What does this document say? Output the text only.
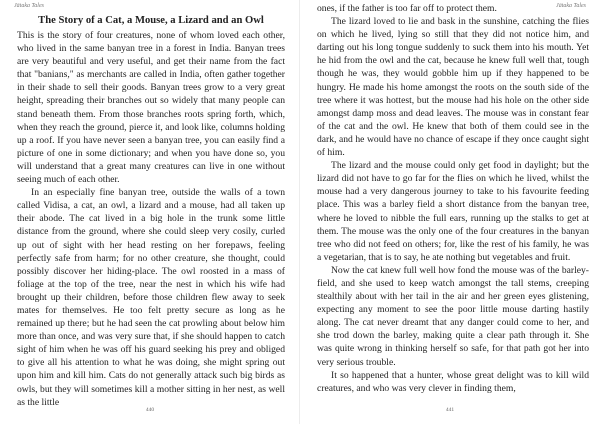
Jātaka Tales
The Story of a Cat, a Mouse, a Lizard and an Owl

This is the story of four creatures, none of whom loved each other, who lived in the same banyan tree in a forest in India. Banyan trees are very beautiful and very useful, and get their name from the fact that "banians," as merchants are called in India, often gather together in their shade to sell their goods. Banyan trees grow to a very great height, spreading their branches out so widely that many people can stand beneath them. From those branches roots spring forth, which, when they reach the ground, pierce it, and look like, columns holding up a roof. If you have never seen a banyan tree, you can easily find a picture of one in some dictionary; and when you have done so, you will understand that a great many creatures can live in one without seeing much of each other.

In an especially fine banyan tree, outside the walls of a town called Vidisa, a cat, an owl, a lizard and a mouse, had all taken up their abode. The cat lived in a big hole in the trunk some little distance from the ground, where she could sleep very cosily, curled up out of sight with her head resting on her forepaws, feeling perfectly safe from harm; for no other creature, she thought, could possibly discover her hiding-place. The owl roosted in a mass of foliage at the top of the tree, near the nest in which his wife had brought up their children, before those children flew away to seek mates for themselves. He too felt pretty secure as long as he remained up there; but he had seen the cat prowling about below him more than once, and was very sure that, if she should happen to catch sight of him when he was off his guard seeking his prey and obliged to give all his attention to what he was doing, she might spring out upon him and kill him. Cats do not generally attack such big birds as owls, but they will sometimes kill a mother sitting in her nest, as well as the little

440
Jātaka Tales

ones, if the father is too far off to protect them.

The lizard loved to lie and bask in the sunshine, catching the flies on which he lived, lying so still that they did not notice him, and darting out his long tongue suddenly to suck them into his mouth. Yet he hid from the owl and the cat, because he knew full well that, tough though he was, they would gobble him up if they happened to be hungry. He made his home amongst the roots on the south side of the tree where it was hottest, but the mouse had his hole on the other side amongst damp moss and dead leaves. The mouse was in constant fear of the cat and the owl. He knew that both of them could see in the dark, and he would have no chance of escape if they once caught sight of him.

The lizard and the mouse could only get food in daylight; but the lizard did not have to go far for the flies on which he lived, whilst the mouse had a very dangerous journey to take to his favourite feeding place. This was a barley field a short distance from the banyan tree, where he loved to nibble the full ears, running up the stalks to get at them. The mouse was the only one of the four creatures in the banyan tree who did not feed on others; for, like the rest of his family, he was a vegetarian, that is to say, he ate nothing but vegetables and fruit.

Now the cat knew full well how fond the mouse was of the barley-field, and she used to keep watch amongst the tall stems, creeping stealthily about with her tail in the air and her green eyes glistening, expecting any moment to see the poor little mouse darting hastily along. The cat never dreamt that any danger could come to her, and she trod down the barley, making quite a clear path through it. She was quite wrong in thinking herself so safe, for that path got her into very serious trouble.

It so happened that a hunter, whose great delight was to kill wild creatures, and who was very clever in finding them,

441
